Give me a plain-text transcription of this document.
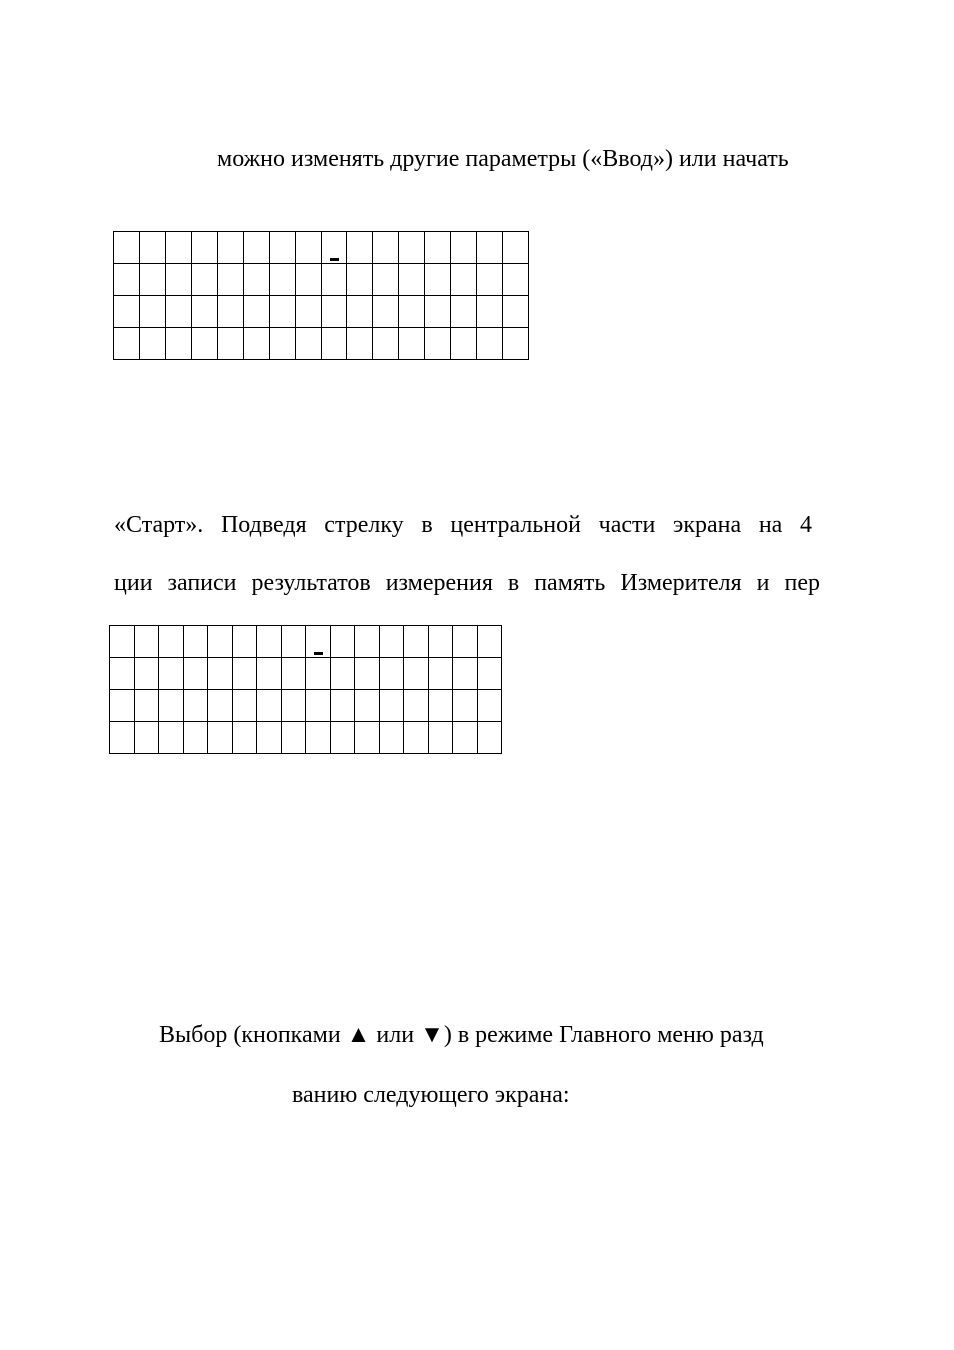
можно изменять другие параметры («Ввод») или начать
«Старт». Подведя стрелку в центральной части экрана на 4
ции записи результатов измерения в память Измерителя и пер
Выбор (кнопками ▲ или ▼) в режиме Главного меню разд
ванию следующего экрана:
